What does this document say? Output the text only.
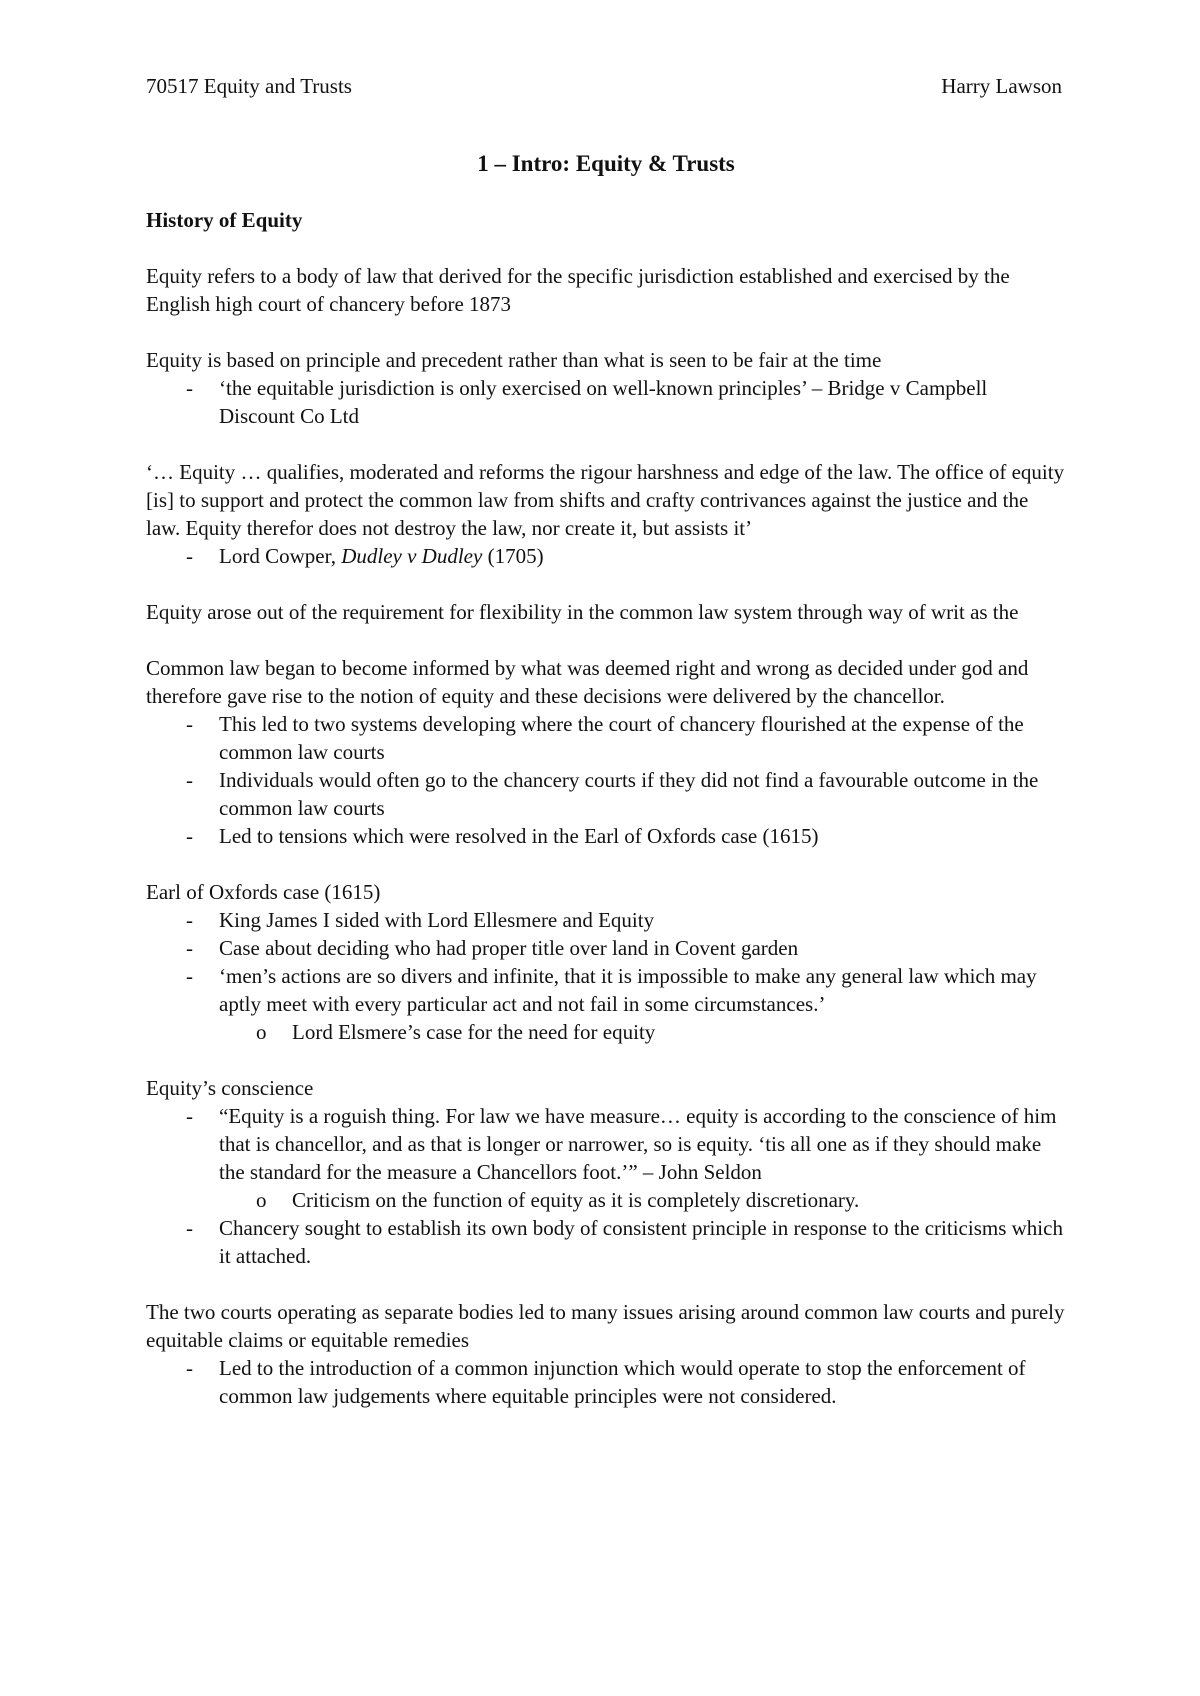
70517 Equity and Trusts	Harry Lawson
1 – Intro: Equity & Trusts
History of Equity

Equity refers to a body of law that derived for the specific jurisdiction established and exercised by the English high court of chancery before 1873

Equity is based on principle and precedent rather than what is seen to be fair at the time

- ‘the equitable jurisdiction is only exercised on well-known principles’ – Bridge v Campbell Discount Co Ltd

‘… Equity … qualifies, moderated and reforms the rigour harshness and edge of the law. The office of equity [is] to support and protect the common law from shifts and crafty contrivances against the justice and the law. Equity therefor does not destroy the law, nor create it, but assists it’

- Lord Cowper, Dudley v Dudley (1705)

Equity arose out of the requirement for flexibility in the common law system through way of writ as the

Common law began to become informed by what was deemed right and wrong as decided under god and therefore gave rise to the notion of equity and these decisions were delivered by the chancellor.

- This led to two systems developing where the court of chancery flourished at the expense of the common law courts
- Individuals would often go to the chancery courts if they did not find a favourable outcome in the common law courts
- Led to tensions which were resolved in the Earl of Oxfords case (1615)

Earl of Oxfords case (1615)

- King James I sided with Lord Ellesmere and Equity
- Case about deciding who had proper title over land in Covent garden
- ‘men’s actions are so divers and infinite, that it is impossible to make any general law which may aptly meet with every particular act and not fail in some circumstances.’
o Lord Elsmere’s case for the need for equity

Equity’s conscience

- “Equity is a roguish thing. For law we have measure… equity is according to the conscience of him that is chancellor, and as that is longer or narrower, so is equity. ‘tis all one as if they should make the standard for the measure a Chancellors foot.’” – John Seldon
o Criticism on the function of equity as it is completely discretionary.
- Chancery sought to establish its own body of consistent principle in response to the criticisms which it attached.

The two courts operating as separate bodies led to many issues arising around common law courts and purely equitable claims or equitable remedies

- Led to the introduction of a common injunction which would operate to stop the enforcement of common law judgements where equitable principles were not considered.
